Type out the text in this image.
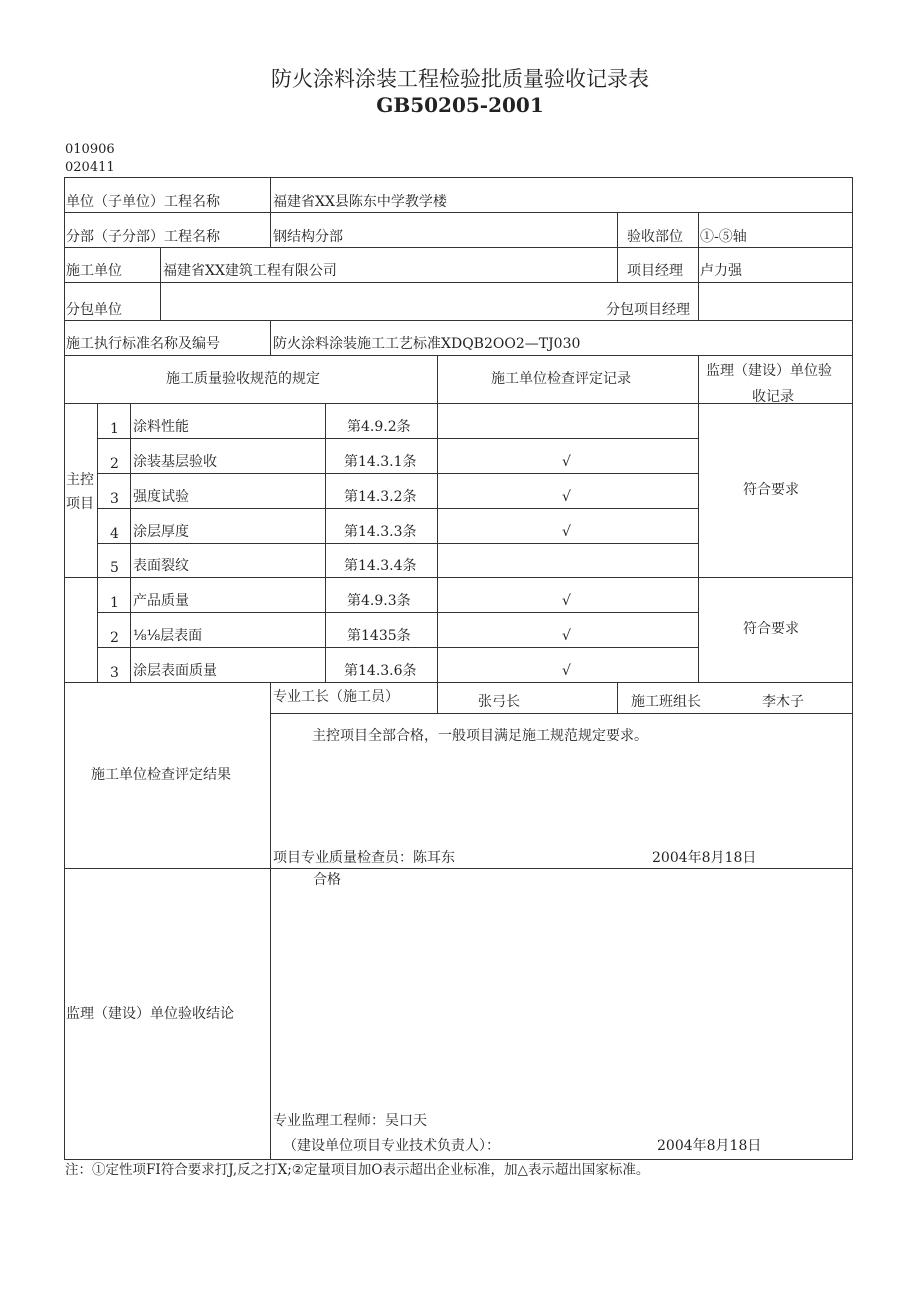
防火涂料涂装工程检验批质量验收记录表
GB50205-2001
010906
020411
单位（子单位）工程名称	福建省XX县陈东中学教学楼
分部（子分部）工程名称	钢结构分部	验收部位 ①-⑤轴
施工单位	福建省XX建筑工程有限公司	项目经理 卢力强
分包单位	分包项目经理
施工执行标准名称及编号	防火涂料涂装施工工艺标准XDQB2OO2—TJ030
施工质量验收规范的规定	施工单位检查评定记录	监理（建设）单位验
收记录
主控
项目
1 涂料性能	第4.9.2条
2 涂装基层验收	第14.3.1条	√
3 强度试验	第14.3.2条	√
4 涂层厚度	第14.3.3条	√
5 表面裂纹	第14.3.4条
符合要求
1 产品质量	第4.9.3条	√
2 ⅛⅛层表面	第1435条	√
3 涂层表面质量	第14.3.6条	√
符合要求
施工单位检查评定结果
专业工长（施工员）	张弓长	施工班组长	李木子
主控项目全部合格，一般项目满足施工规范规定要求。
项目专业质量检查员：陈耳东	2004年8月18日
监理（建设）单位验收结论
合格
专业监理工程师：吴口天
（建设单位项目专业技术负责人）：	2004年8月18日
注：①定性项FI符合要求打J,反之打X;②定量项目加O表示超出企业标准，加△表示超出国家标准。
